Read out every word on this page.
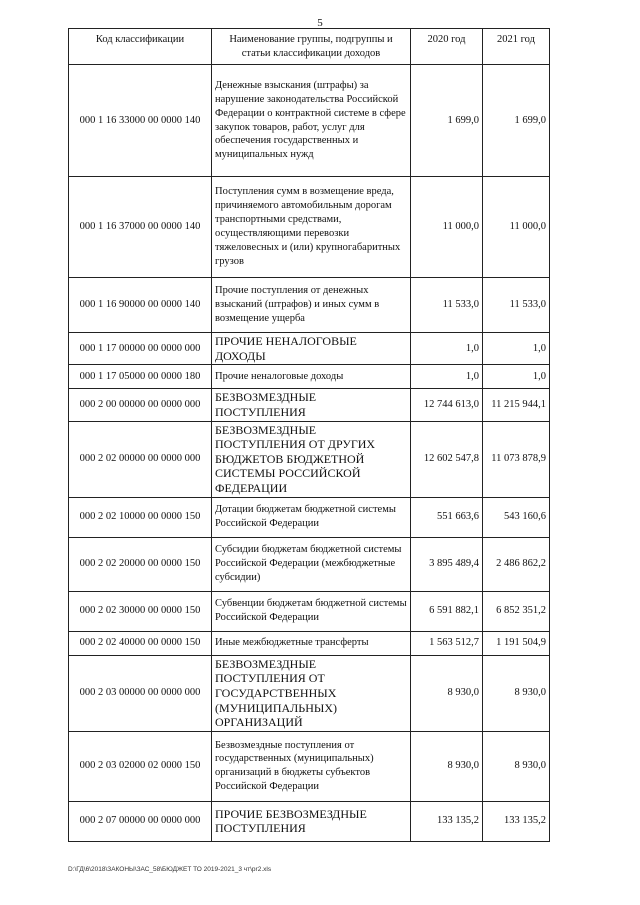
5
Код классификации	Наименование группы, подгруппы и статьи классификации доходов	2020 год	2021 год
000 1 16 33000 00 0000 140	Денежные взыскания (штрафы) за нарушение законодательства Российской Федерации о контрактной системе в сфере закупок товаров, работ, услуг для обеспечения государственных и муниципальных нужд	1 699,0	1 699,0
000 1 16 37000 00 0000 140	Поступления сумм в возмещение вреда, причиняемого автомобильным дорогам транспортными средствами, осуществляющими перевозки тяжеловесных и (или) крупногабаритных грузов	11 000,0	11 000,0
000 1 16 90000 00 0000 140	Прочие поступления от денежных взысканий (штрафов) и иных сумм в возмещение ущерба	11 533,0	11 533,0
000 1 17 00000 00 0000 000	ПРОЧИЕ НЕНАЛОГОВЫЕ ДОХОДЫ	1,0	1,0
000 1 17 05000 00 0000 180	Прочие неналоговые доходы	1,0	1,0
000 2 00 00000 00 0000 000	БЕЗВОЗМЕЗДНЫЕ ПОСТУПЛЕНИЯ	12 744 613,0	11 215 944,1
000 2 02 00000 00 0000 000	БЕЗВОЗМЕЗДНЫЕ ПОСТУПЛЕНИЯ ОТ ДРУГИХ БЮДЖЕТОВ БЮДЖЕТНОЙ СИСТЕМЫ РОССИЙСКОЙ ФЕДЕРАЦИИ	12 602 547,8	11 073 878,9
000 2 02 10000 00 0000 150	Дотации бюджетам бюджетной системы Российской Федерации	551 663,6	543 160,6
000 2 02 20000 00 0000 150	Субсидии бюджетам бюджетной системы Российской Федерации (межбюджетные субсидии)	3 895 489,4	2 486 862,2
000 2 02 30000 00 0000 150	Субвенции бюджетам бюджетной системы Российской Федерации	6 591 882,1	6 852 351,2
000 2 02 40000 00 0000 150	Иные межбюджетные трансферты	1 563 512,7	1 191 504,9
000 2 03 00000 00 0000 000	БЕЗВОЗМЕЗДНЫЕ ПОСТУПЛЕНИЯ ОТ ГОСУДАРСТВЕННЫХ (МУНИЦИПАЛЬНЫХ) ОРГАНИЗАЦИЙ	8 930,0	8 930,0
000 2 03 02000 02 0000 150	Безвозмездные поступления от государственных (муниципальных) организаций в бюджеты субъектов Российской Федерации	8 930,0	8 930,0
000 2 07 00000 00 0000 000	ПРОЧИЕ БЕЗВОЗМЕЗДНЫЕ ПОСТУПЛЕНИЯ	133 135,2	133 135,2
D:\ГД\6\2018\ЗАКОНЫ\ЗАС_58\БЮДЖЕТ ТО 2019-2021_3 чт\pr2.xls
